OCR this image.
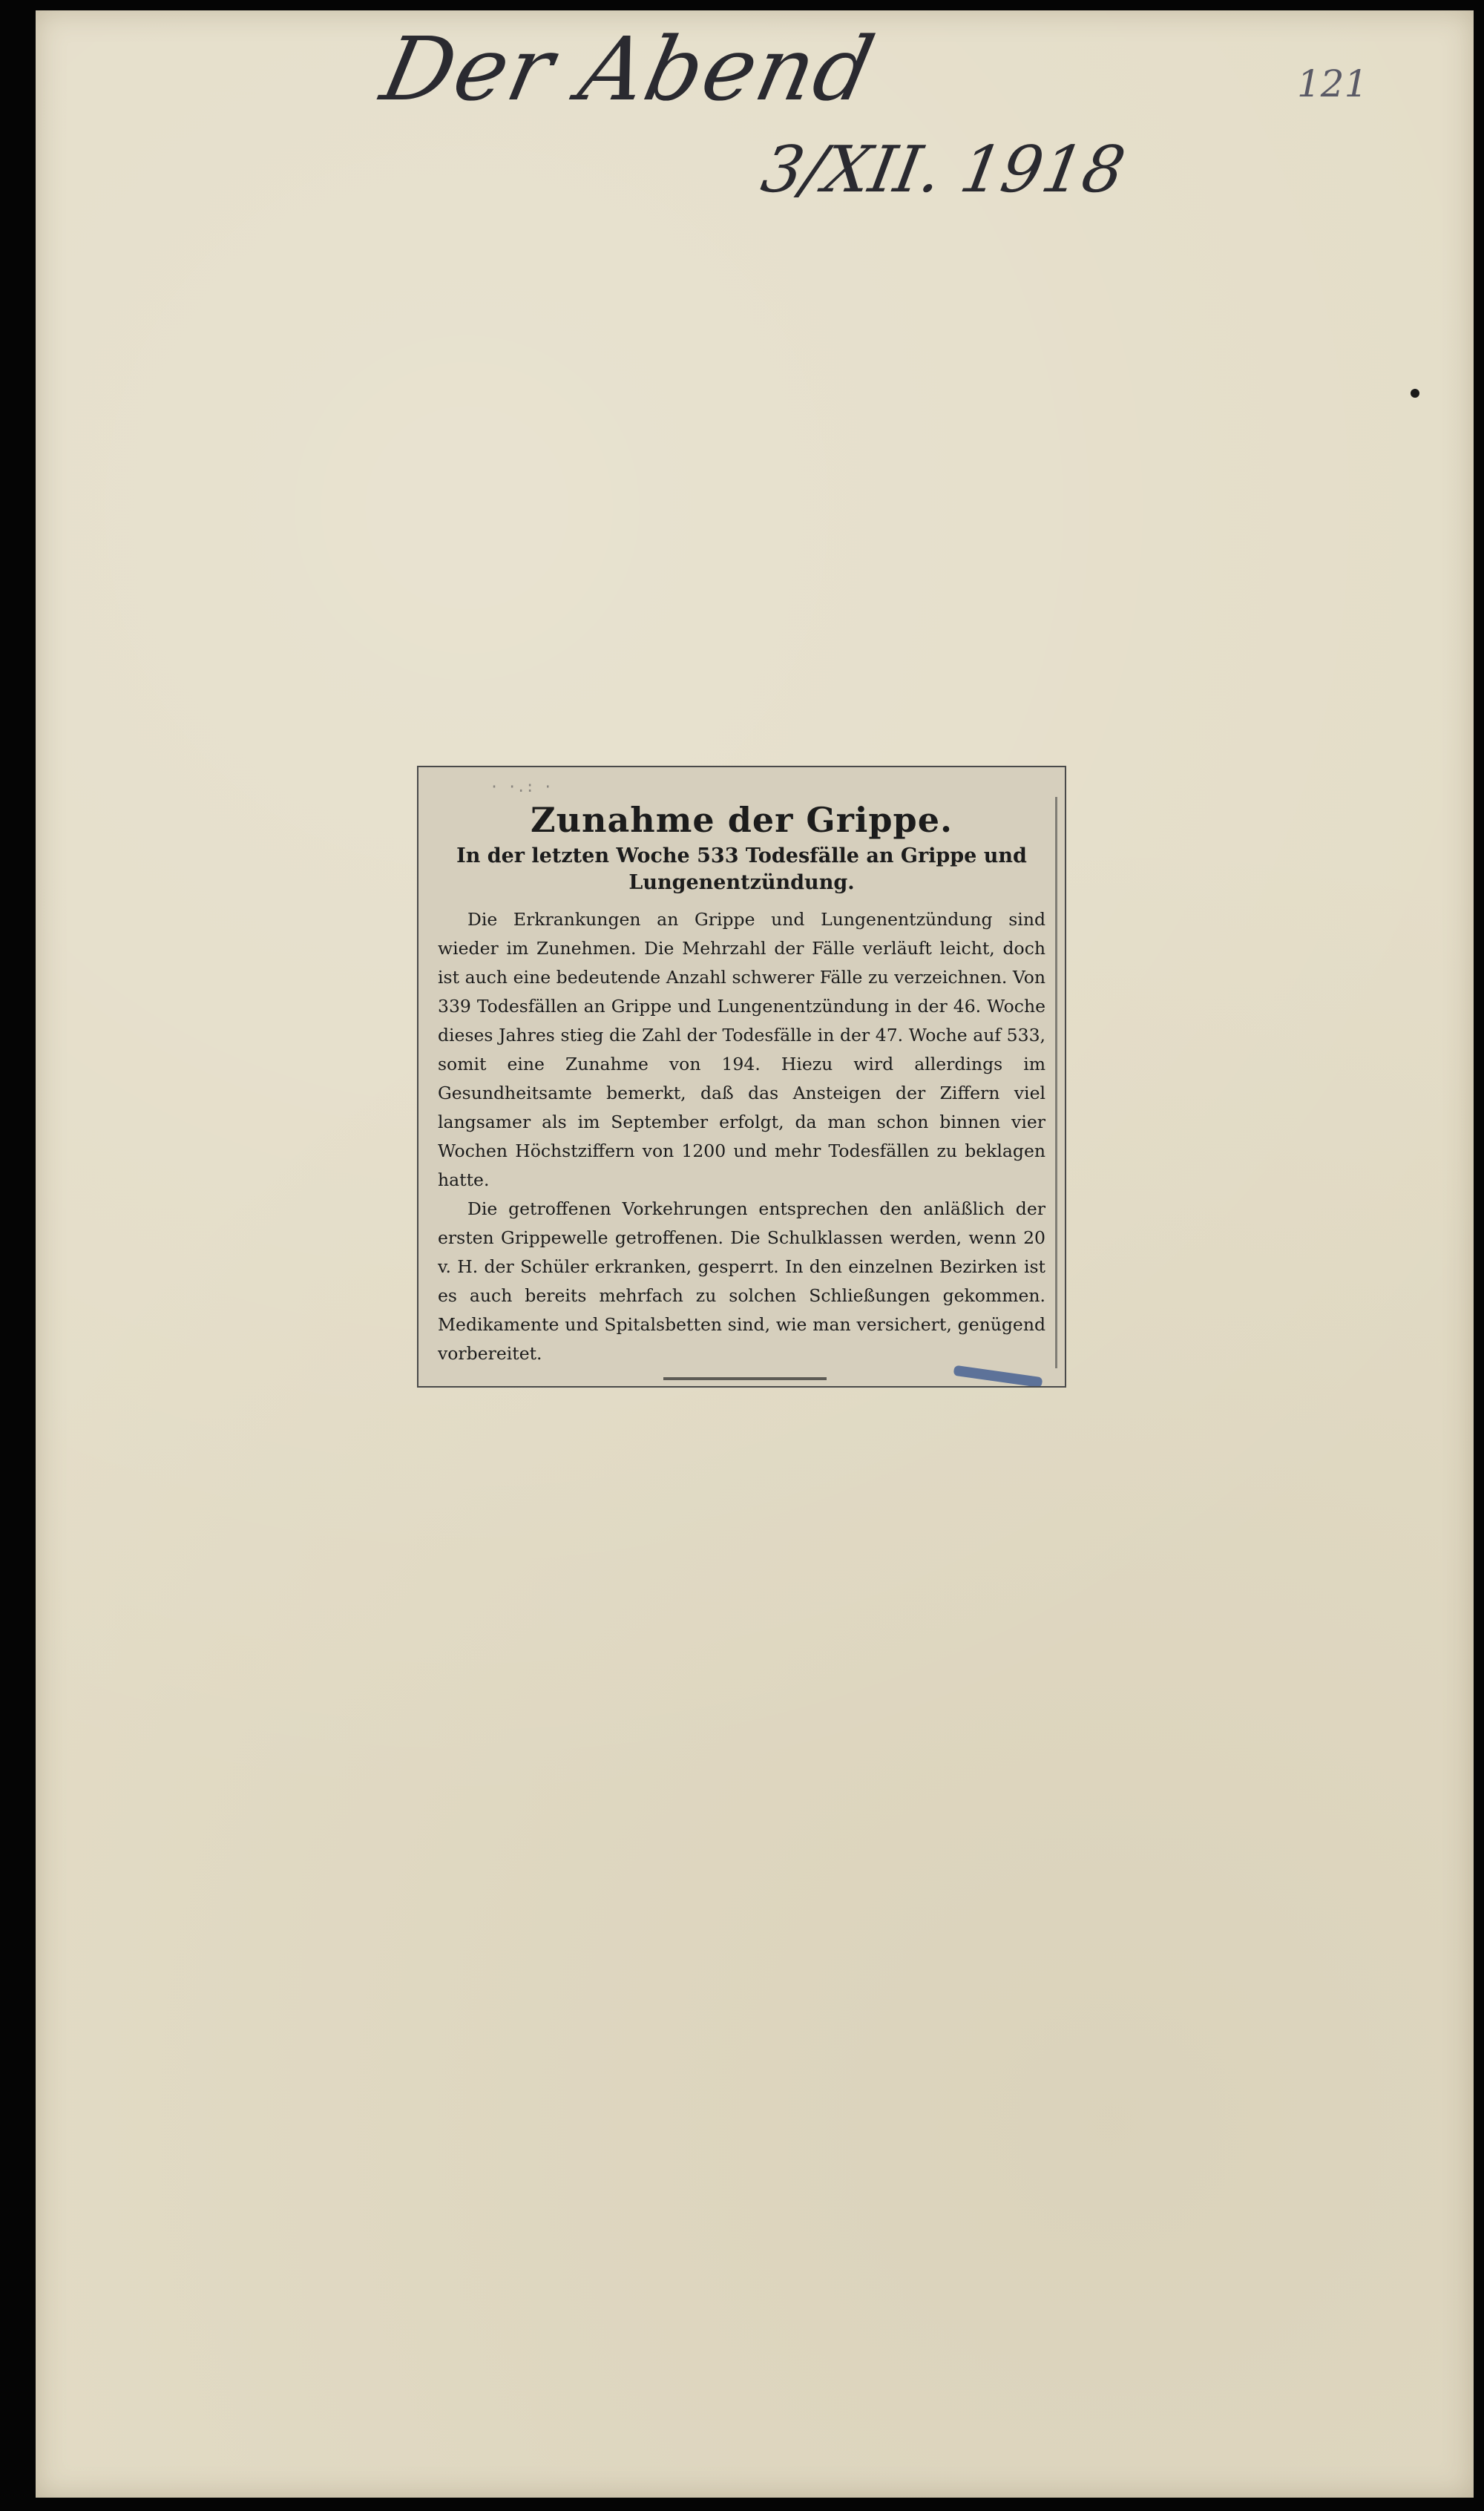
Der Abend

3/XII. 1918

121

· ·.: ·
Zunahme der Grippe.
In der letzten Woche 533 Todesfälle an Grippe und Lungenentzündung.

Die Erkrankungen an Grippe und Lungenentzündung sind wieder im Zunehmen. Die Mehrzahl der Fälle verläuft leicht, doch ist auch eine bedeutende Anzahl schwerer Fälle zu verzeichnen. Von 339 Todesfällen an Grippe und Lungenentzündung in der 46. Woche dieses Jahres stieg die Zahl der Todesfälle in der 47. Woche auf 533, somit eine Zunahme von 194. Hiezu wird allerdings im Gesundheitsamte bemerkt, daß das Ansteigen der Ziffern viel langsamer als im September erfolgt, da man schon binnen vier Wochen Höchstziffern von 1200 und mehr Todesfällen zu beklagen hatte.

Die getroffenen Vorkehrungen entsprechen den anläßlich der ersten Grippewelle getroffenen. Die Schulklassen werden, wenn 20 v. H. der Schüler erkranken, gesperrt. In den einzelnen Bezirken ist es auch bereits mehrfach zu solchen Schließungen gekommen. Medikamente und Spitalsbetten sind, wie man versichert, genügend vorbereitet.
